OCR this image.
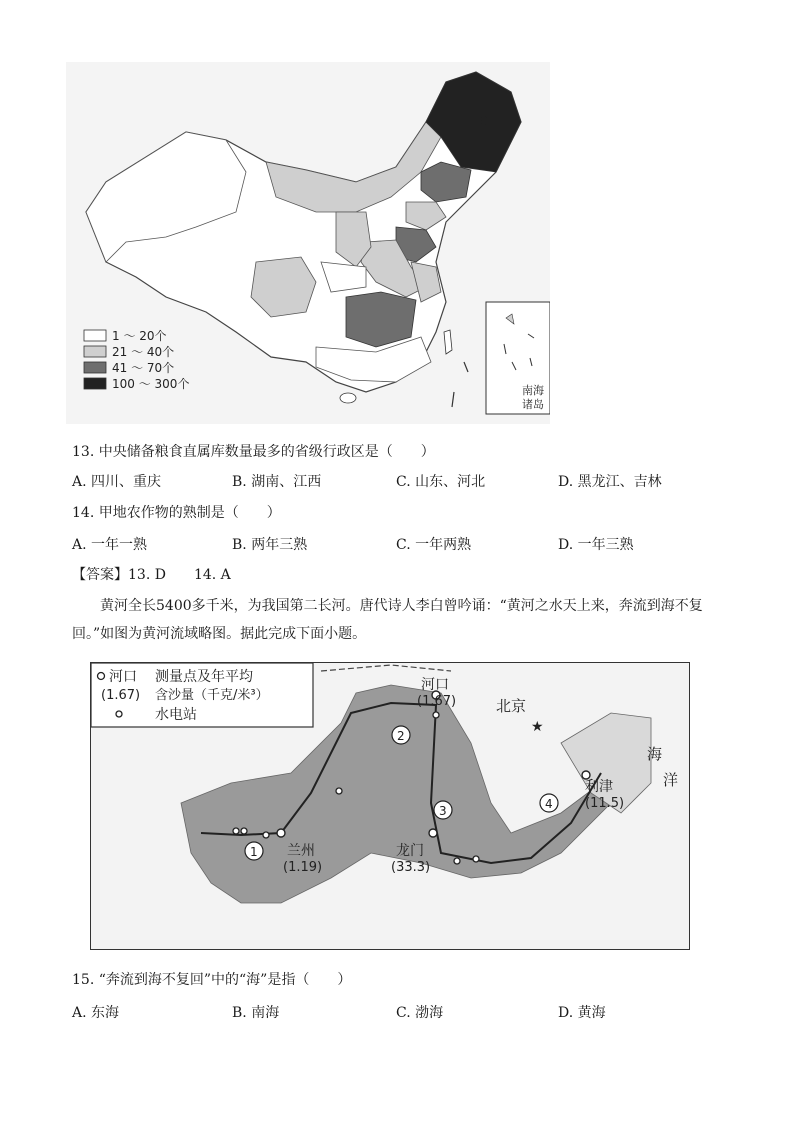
甲
1 ～ 20个
21 ～ 40个
41 ～ 70个
100 ～ 300个	南海
诸岛
13. 中央储备粮食直属库数量最多的省级行政区是（　　）
A. 四川、重庆	B. 湖南、江西	C. 山东、河北	D. 黑龙江、吉林
14. 甲地农作物的熟制是（　　）
A. 一年一熟	B. 两年三熟	C. 一年两熟	D. 一年三熟
【答案】13. D　　14. A
黄河全长5400多千米，为我国第二长河。唐代诗人李白曾吟诵：“黄河之水天上来，奔流到海不复回。”如图为黄河流域略图。据此完成下面小题。
1
2
3	4
河口
(1.67)	北京
★
龙门
(33.3)
兰州
(1.19)
利津
(11.5)
海
洋
河口
(1.67)
测量点及年平均
含沙量（千克/米³）
水电站
15. “奔流到海不复回”中的“海”是指（　　）
A. 东海	B. 南海	C. 渤海	D. 黄海
